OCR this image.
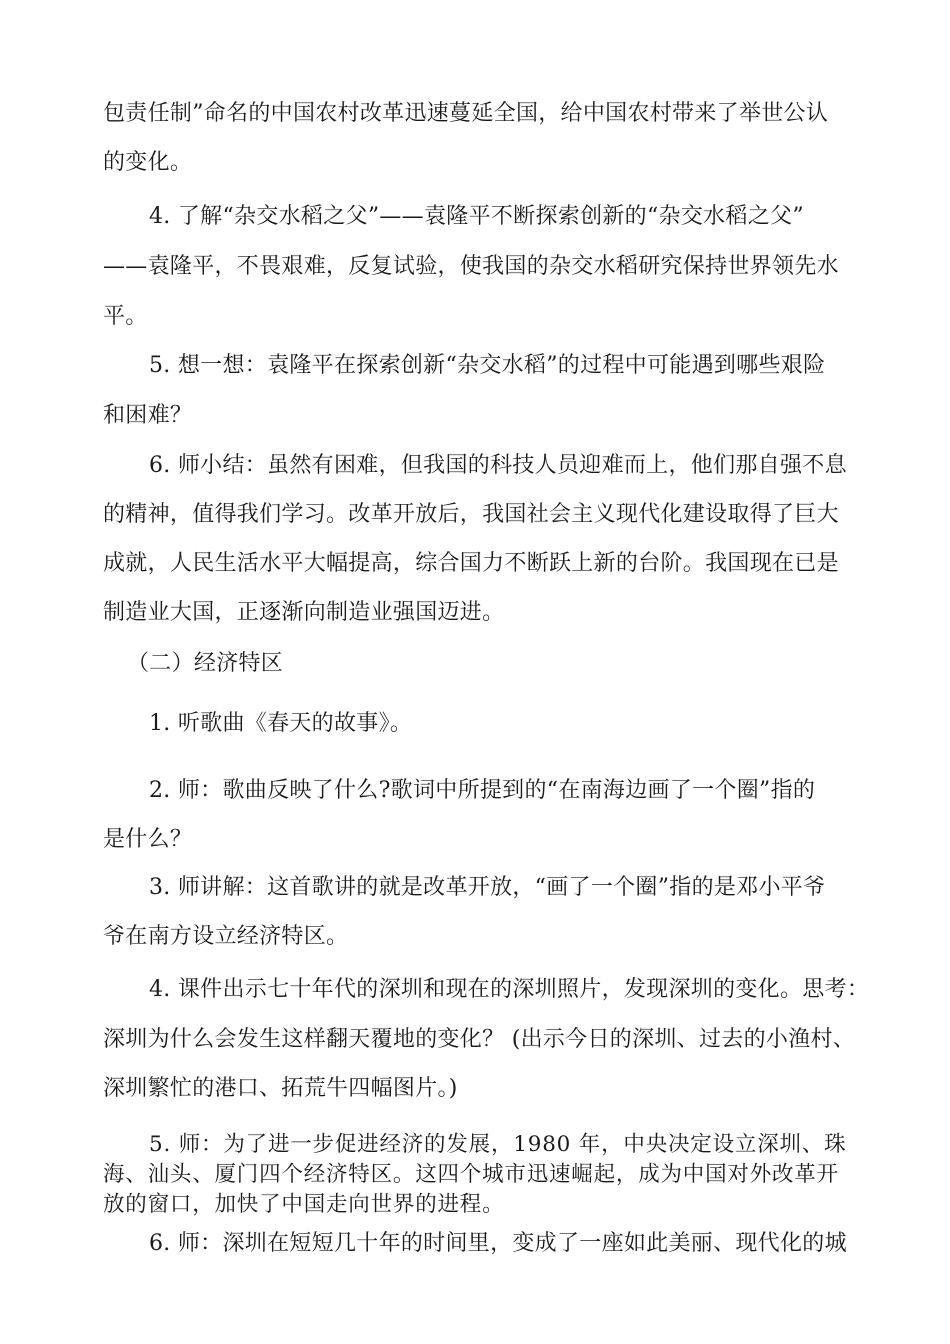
包责任制”命名的中国农村改革迅速蔓延全国，给中国农村带来了举世公认
的变化。
4. 了解“杂交水稻之父”——袁隆平不断探索创新的“杂交水稻之父”
——袁隆平，不畏艰难，反复试验，使我国的杂交水稻研究保持世界领先水
平。
5. 想一想：袁隆平在探索创新“杂交水稻”的过程中可能遇到哪些艰险
和困难？
6. 师小结：虽然有困难，但我国的科技人员迎难而上，他们那自强不息
的精神，值得我们学习。改革开放后，我国社会主义现代化建设取得了巨大
成就，人民生活水平大幅提高，综合国力不断跃上新的台阶。我国现在已是
制造业大国，正逐渐向制造业强国迈进。
（二）经济特区
1. 听歌曲《春天的故事》。
2. 师：歌曲反映了什么?歌词中所提到的“在南海边画了一个圈”指的
是什么？
3. 师讲解：这首歌讲的就是改革开放，“画了一个圈”指的是邓小平爷
爷在南方设立经济特区。
4. 课件出示七十年代的深圳和现在的深圳照片，发现深圳的变化。思考：
深圳为什么会发生这样翻天覆地的变化？ (出示今日的深圳、过去的小渔村、
深圳繁忙的港口、拓荒牛四幅图片。)
5. 师：为了进一步促进经济的发展，1980 年，中央决定设立深圳、珠
海、汕头、厦门四个经济特区。这四个城市迅速崛起，成为中国对外改革开
放的窗口，加快了中国走向世界的进程。
6. 师：深圳在短短几十年的时间里，变成了一座如此美丽、现代化的城
